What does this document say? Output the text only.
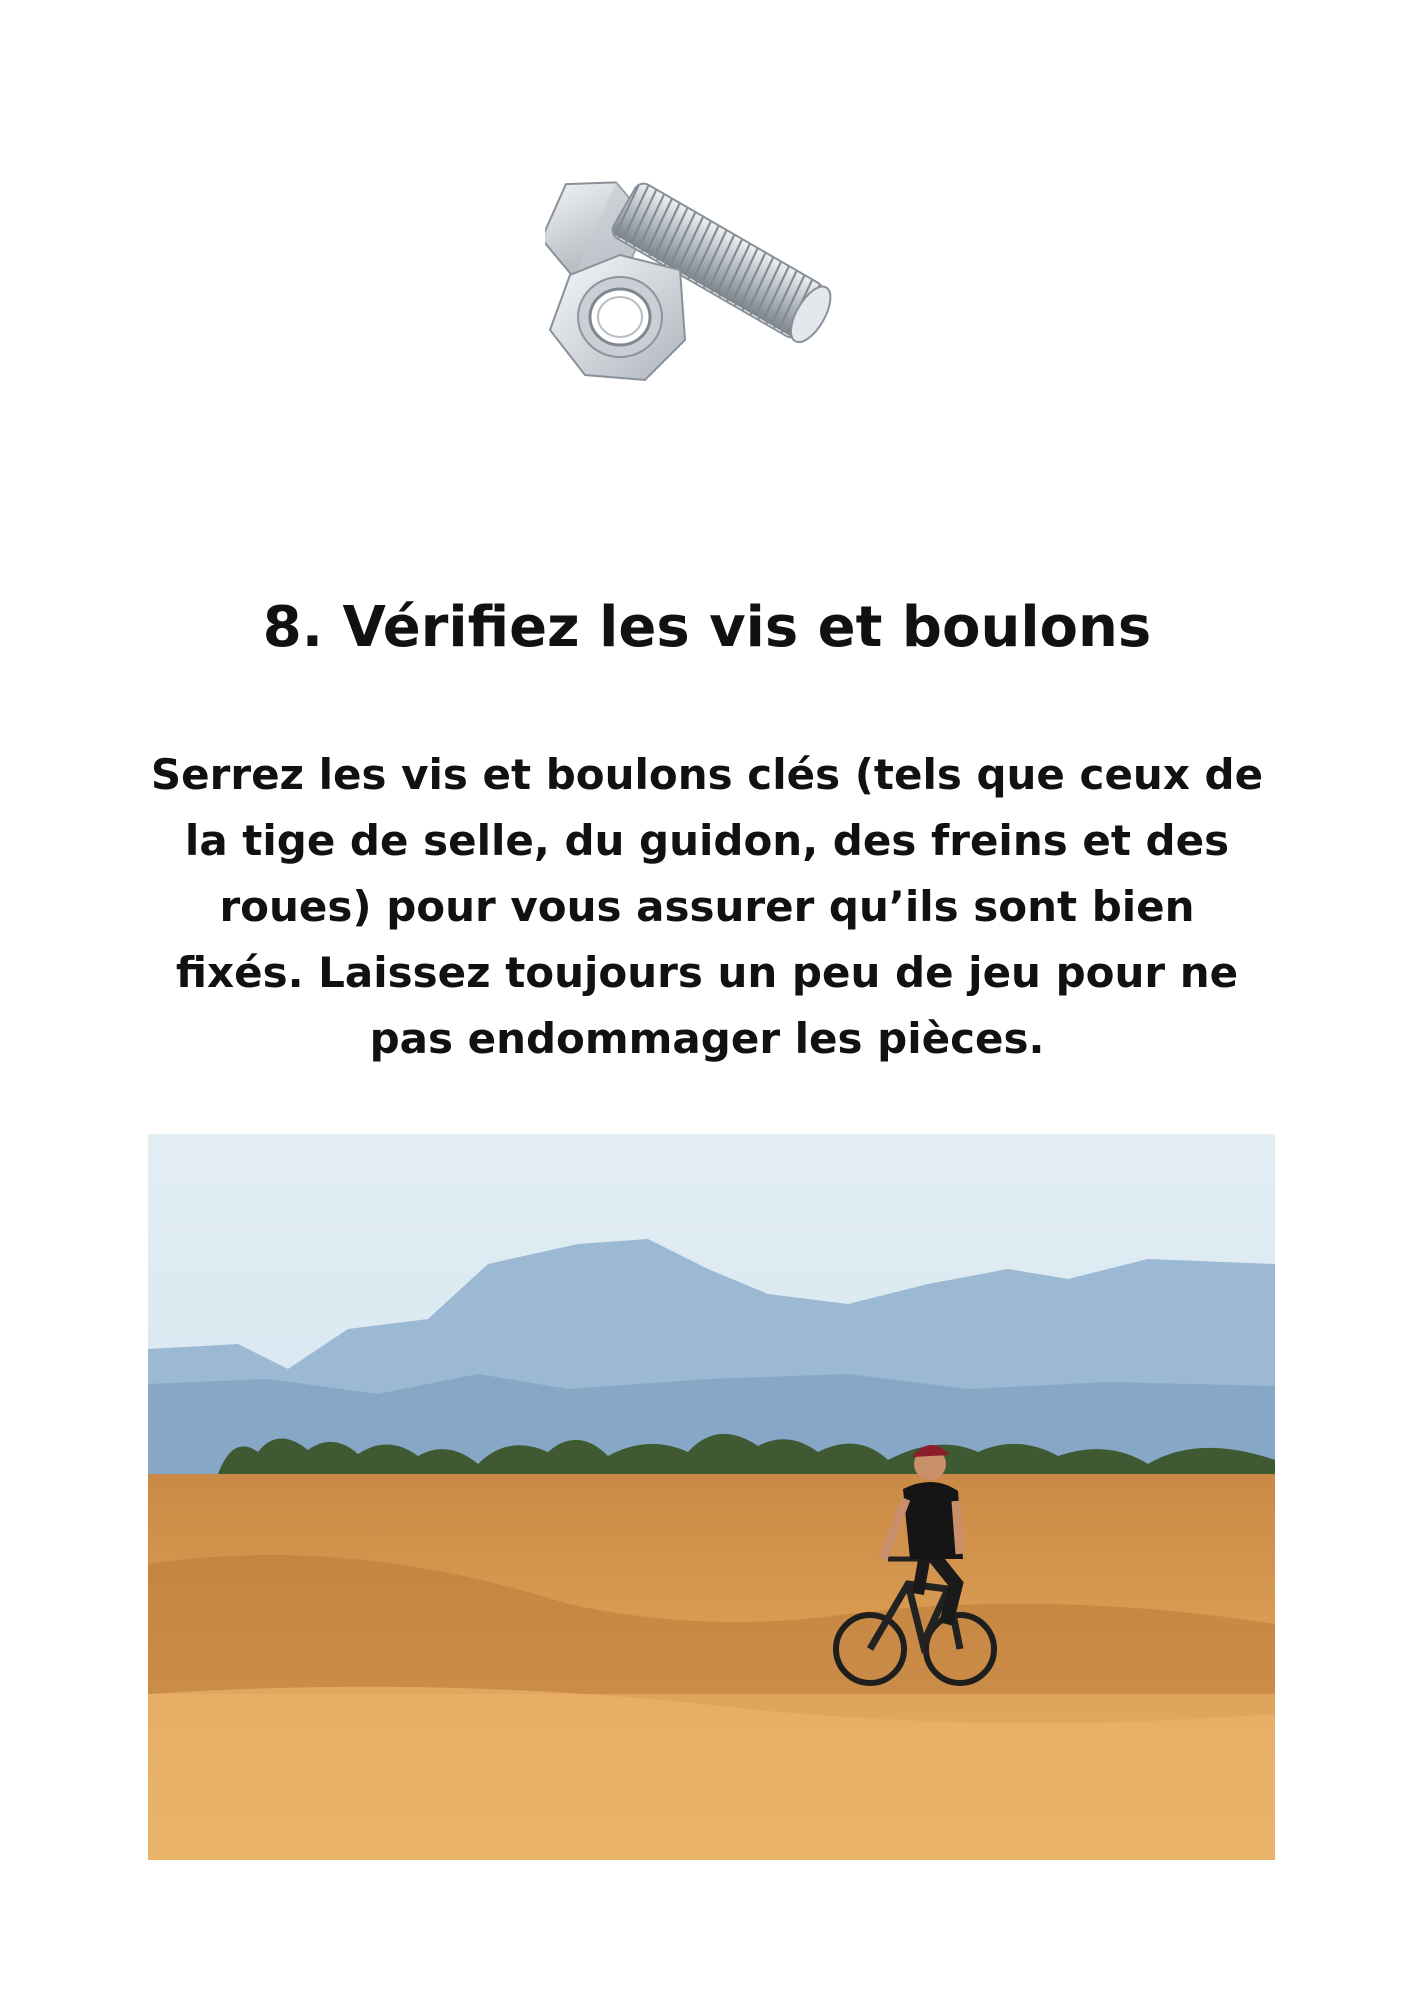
8. Vérifiez les vis et boulons

Serrez les vis et boulons clés (tels que ceux de
la tige de selle, du guidon, des freins et des
roues) pour vous assurer qu’ils sont bien
fixés. Laissez toujours un peu de jeu pour ne
pas endommager les pièces.
